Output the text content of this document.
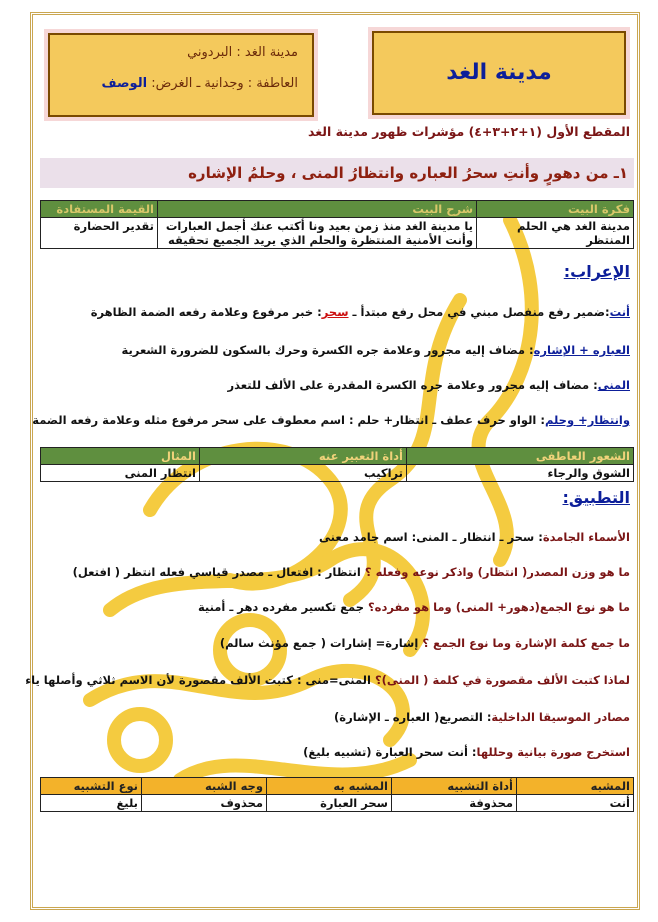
مدينة الغد : البردوني
العاطفة : وجدانية ـ الغرض: الوصف	مدينة الغد
المقطع الأول (١+٢+٣+٤) مؤشرات ظهور مدينة الغد
١ـ من دهورٍ وأنتِ سحرُ العباره وانتظارُ المنى ، وحلمُ الإشاره
فكرة البيت	شرح البيت	القيمة المستفادة
مدينة الغد هي الحلم المنتظر	يا مدينة الغد منذ زمن بعيد ونا أكتب عنك أجمل العبارات وأنت الأمنية المنتظرة والحلم الذي يريد الجميع تحقيقه	تقدير الحضارة
الإعراب:
أنت:ضمير رفع منفصل مبني في محل رفع مبتدأ ـ سحر: خبر مرفوع وعلامة رفعه الضمة الظاهرة
العباره + الإشاره: مضاف إليه مجرور وعلامة جره الكسرة وحرك بالسكون للضرورة الشعرية
المنى: مضاف إليه مجرور وعلامة جره الكسرة المقدرة على الألف للتعذر
وانتظار+ وحلم: الواو حرف عطف ـ انتظار+ حلم : اسم معطوف على سحر مرفوع مثله وعلامة رفعه الضمة
الشعور العاطفى	أداة التعبير عنه	المثال
الشوق والرجاء	تراكيب	انتظار المنى
التطبيق:
الأسماء الجامدة: سحر ـ انتظار ـ المنى: اسم جامد معنى
ما هو وزن المصدر( انتظار) واذكر نوعه وفعله ؟ انتظار : افتعال ـ مصدر قياسي فعله انتظر ( افتعل)
ما هو نوع الجمع(دهور+ المنى) وما هو مفرده؟ جمع تكسير مفرده دهر ـ أمنية
ما جمع كلمة الإشارة وما نوع الجمع ؟ إشارة= إشارات ( جمع مؤنث سالم)
لماذا كتبت الألف مقصورة في كلمة ( المنى)؟ المنى=منى : كتبت الألف مقصورة لأن الاسم ثلاثي وأصلها ياء
مصادر الموسيقا الداخلية: التصريع( العباره ـ الإشارة)
استخرج صورة بيانية وحللها: أنت سحر العبارة (تشبيه بليغ)
المشبه	أداة التشبيه	المشبه به	وجه الشبه	نوع التشبيه
أنت	محذوفة	سحر العبارة	محذوف	بليغ
